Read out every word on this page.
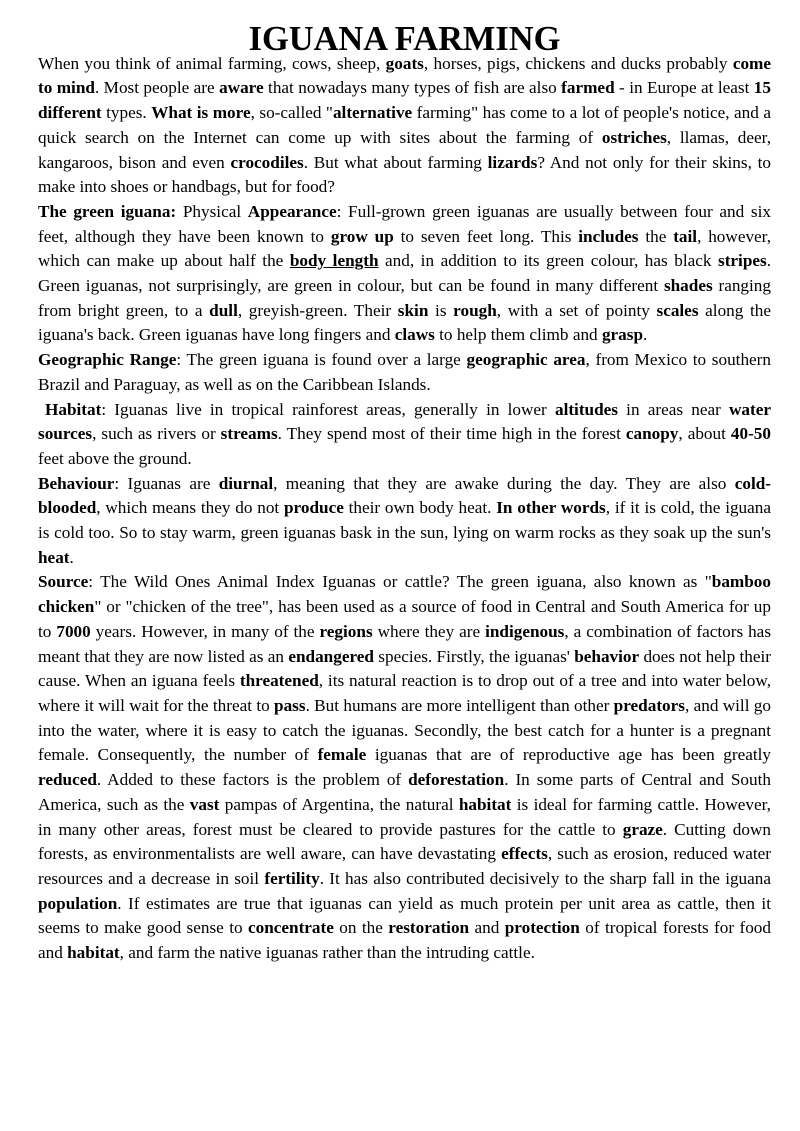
IGUANA FARMING

When you think of animal farming, cows, sheep, goats, horses, pigs, chickens and ducks probably come to mind. Most people are aware that nowadays many types of fish are also farmed - in Europe at least 15 different types. What is more, so-called "alternative farming" has come to a lot of people's notice, and a quick search on the Internet can come up with sites about the farming of ostriches, llamas, deer, kangaroos, bison and even crocodiles. But what about farming lizards? And not only for their skins, to make into shoes or handbags, but for food?

The green iguana: Physical Appearance: Full-grown green iguanas are usually between four and six feet, although they have been known to grow up to seven feet long. This includes the tail, however, which can make up about half the body length and, in addition to its green colour, has black stripes. Green iguanas, not surprisingly, are green in colour, but can be found in many different shades ranging from bright green, to a dull, greyish-green. Their skin is rough, with a set of pointy scales along the iguana's back. Green iguanas have long fingers and claws to help them climb and grasp.

Geographic Range: The green iguana is found over a large geographic area, from Mexico to southern Brazil and Paraguay, as well as on the Caribbean Islands.

Habitat: Iguanas live in tropical rainforest areas, generally in lower altitudes in areas near water sources, such as rivers or streams. They spend most of their time high in the forest canopy, about 40-50 feet above the ground.

Behaviour: Iguanas are diurnal, meaning that they are awake during the day. They are also cold-blooded, which means they do not produce their own body heat. In other words, if it is cold, the iguana is cold too. So to stay warm, green iguanas bask in the sun, lying on warm rocks as they soak up the sun's heat.

Source: The Wild Ones Animal Index Iguanas or cattle? The green iguana, also known as "bamboo chicken" or "chicken of the tree", has been used as a source of food in Central and South America for up to 7000 years. However, in many of the regions where they are indigenous, a combination of factors has meant that they are now listed as an endangered species. Firstly, the iguanas' behavior does not help their cause. When an iguana feels threatened, its natural reaction is to drop out of a tree and into water below, where it will wait for the threat to pass. But humans are more intelligent than other predators, and will go into the water, where it is easy to catch the iguanas. Secondly, the best catch for a hunter is a pregnant female. Consequently, the number of female iguanas that are of reproductive age has been greatly reduced. Added to these factors is the problem of deforestation. In some parts of Central and South America, such as the vast pampas of Argentina, the natural habitat is ideal for farming cattle. However, in many other areas, forest must be cleared to provide pastures for the cattle to graze. Cutting down forests, as environmentalists are well aware, can have devastating effects, such as erosion, reduced water resources and a decrease in soil fertility. It has also contributed decisively to the sharp fall in the iguana population. If estimates are true that iguanas can yield as much protein per unit area as cattle, then it seems to make good sense to concentrate on the restoration and protection of tropical forests for food and habitat, and farm the native iguanas rather than the intruding cattle.
